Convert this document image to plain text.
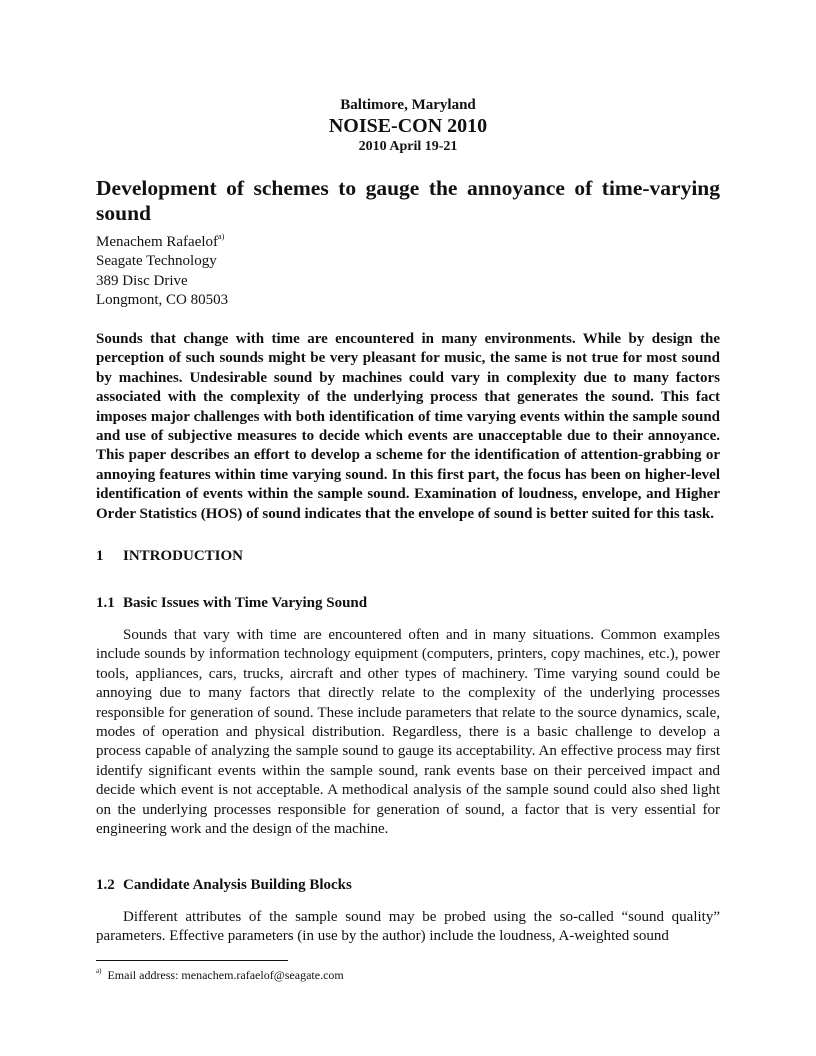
Baltimore, Maryland
NOISE-CON 2010
2010 April 19-21
Development of schemes to gauge the annoyance of time-varying sound
Menachem Rafaelof$^{a)}$
Seagate Technology
389 Disc Drive
Longmont, CO 80503

Sounds that change with time are encountered in many environments. While by design the perception of such sounds might be very pleasant for music, the same is not true for most sound by machines. Undesirable sound by machines could vary in complexity due to many factors associated with the complexity of the underlying process that generates the sound. This fact imposes major challenges with both identification of time varying events within the sample sound and use of subjective measures to decide which events are unacceptable due to their annoyance. This paper describes an effort to develop a scheme for the identification of attention-grabbing or annoying features within time varying sound. In this first part, the focus has been on higher-level identification of events within the sample sound. Examination of loudness, envelope, and Higher Order Statistics (HOS) of sound indicates that the envelope of sound is better suited for this task.

1 INTRODUCTION
1.1 Basic Issues with Time Varying Sound

Sounds that vary with time are encountered often and in many situations. Common examples include sounds by information technology equipment (computers, printers, copy machines, etc.), power tools, appliances, cars, trucks, aircraft and other types of machinery. Time varying sound could be annoying due to many factors that directly relate to the complexity of the underlying processes responsible for generation of sound. These include parameters that relate to the source dynamics, scale, modes of operation and physical distribution. Regardless, there is a basic challenge to develop a process capable of analyzing the sample sound to gauge its acceptability. An effective process may first identify significant events within the sample sound, rank events base on their perceived impact and decide which event is not acceptable. A methodical analysis of the sample sound could also shed light on the underlying processes responsible for generation of sound, a factor that is very essential for engineering work and the design of the machine.

1.2 Candidate Analysis Building Blocks

Different attributes of the sample sound may be probed using the so-called “sound quality” parameters. Effective parameters (in use by the author) include the loudness, A-weighted sound

$^{a)}$ Email address: menachem.rafaelof@seagate.com
